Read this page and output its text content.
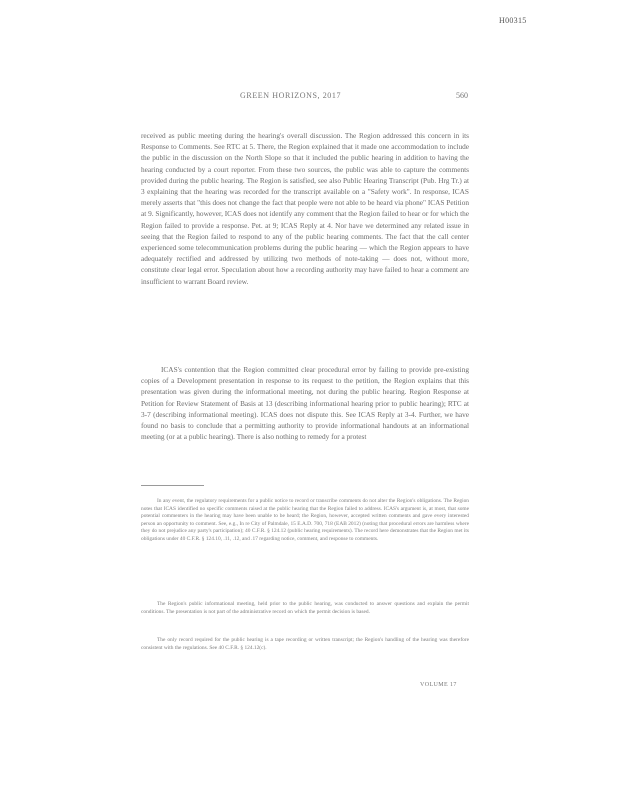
H00315
GREEN HORIZONS, 2017	560
received as public meeting during the hearing's overall discussion. The Region addressed this concern in its Response to Comments. See RTC at 5. There, the Region explained that it made one accommodation to include the public in the discussion on the North Slope so that it included the public hearing in addition to having the hearing conducted by a court reporter. From these two sources, the public was able to capture the comments provided during the public hearing. The Region is satisfied, see also Public Hearing Transcript (Pub. Hrg Tr.) at 3 explaining that the hearing was recorded for the transcript available on a "Safety work". In response, ICAS merely asserts that "this does not change the fact that people were not able to be heard via phone" ICAS Petition at 9. Significantly, however, ICAS does not identify any comment that the Region failed to hear or for which the Region failed to provide a response. Pet. at 9; ICAS Reply at 4. Nor have we determined any related issue in seeing that the Region failed to respond to any of the public hearing comments. The fact that the call center experienced some telecommunication problems during the public hearing — which the Region appears to have adequately rectified and addressed by utilizing two methods of note-taking — does not, without more, constitute clear legal error. Speculation about how a recording authority may have failed to hear a comment are insufficient to warrant Board review.
ICAS's contention that the Region committed clear procedural error by failing to provide pre-existing copies of a Development presentation in response to its request to the petition, the Region explains that this presentation was given during the informational meeting, not during the public hearing. Region Response at Petition for Review Statement of Basis at 13 (describing informational hearing prior to public hearing); RTC at 3-7 (describing informational meeting). ICAS does not dispute this. See ICAS Reply at 3-4. Further, we have found no basis to conclude that a permitting authority to provide informational handouts at an informational meeting (or at a public hearing). There is also nothing to remedy for a protest
In any event, the regulatory requirements for a public notice to record or transcribe comments do not alter the Region's obligations. The Region notes that ICAS identified no specific comments raised at the public hearing that the Region failed to address. ICAS's argument is, at most, that some potential commenters in the hearing may have been unable to be heard; the Region, however, accepted written comments and gave every interested person an opportunity to comment. See, e.g., In re City of Palmdale, 15 E.A.D. 700, 718 (EAB 2012) (noting that procedural errors are harmless where they do not prejudice any party's participation); 40 C.F.R. § 124.12 (public hearing requirements). The record here demonstrates that the Region met its obligations under 40 C.F.R. § 124.10, .11, .12, and .17 regarding notice, comment, and response to comments.
The Region's public informational meeting, held prior to the public hearing, was conducted to answer questions and explain the permit conditions. The presentation is not part of the administrative record on which the permit decision is based.
The only record required for the public hearing is a tape recording or written transcript; the Region's handling of the hearing was therefore consistent with the regulations. See 40 C.F.R. § 124.12(c).
VOLUME 17
